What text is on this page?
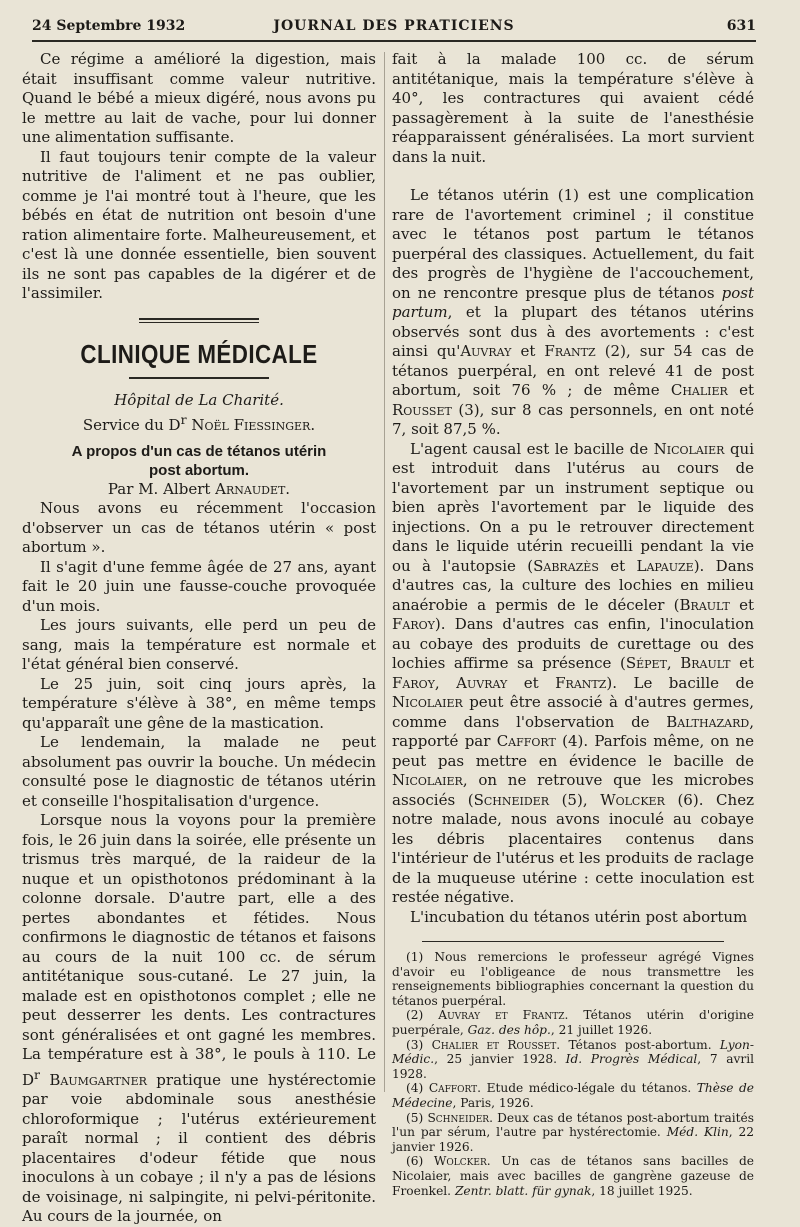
24 Septembre 1932	JOURNAL DES PRATICIENS	631

Ce régime a amélioré la digestion, mais était insuffisant comme valeur nutritive. Quand le bébé a mieux digéré, nous avons pu le mettre au lait de vache, pour lui donner une alimentation suffisante.

Il faut toujours tenir compte de la valeur nutritive de l'aliment et ne pas oublier, comme je l'ai montré tout à l'heure, que les bébés en état de nutrition ont besoin d'une ration alimentaire forte. Malheureusement, et c'est là une donnée essentielle, bien souvent ils ne sont pas capables de la digérer et de l'assimiler.

CLINIQUE MÉDICALE

Hôpital de La Charité.

Service du $D^r$ Noël Fiessinger.

A propos d'un cas de tétanos utérin

post abortum.

Par M. Albert Arnaudet.

Nous avons eu récemment l'occasion d'observer un cas de tétanos utérin « post abortum ».

Il s'agit d'une femme âgée de 27 ans, ayant fait le 20 juin une fausse-couche provoquée d'un mois.

Les jours suivants, elle perd un peu de sang, mais la température est normale et l'état général bien conservé.

Le 25 juin, soit cinq jours après, la température s'élève à 38°, en même temps qu'apparaît une gêne de la mastication.

Le lendemain, la malade ne peut absolument pas ouvrir la bouche. Un médecin consulté pose le diagnostic de tétanos utérin et conseille l'hospitalisation d'urgence.

Lorsque nous la voyons pour la première fois, le 26 juin dans la soirée, elle présente un trismus très marqué, de la raideur de la nuque et un opisthotonos prédominant à la colonne dorsale. D'autre part, elle a des pertes abondantes et fétides. Nous confirmons le diagnostic de tétanos et faisons au cours de la nuit 100 cc. de sérum antitétanique sous-cutané. Le 27 juin, la malade est en opisthotonos complet ; elle ne peut desserrer les dents. Les contractures sont généralisées et ont gagné les membres. La température est à 38°, le pouls à 110. Le $D^r$ Baumgartner pratique une hystérectomie par voie abdominale sous anesthésie chloroformique ; l'utérus extérieurement paraît normal ; il contient des débris placentaires d'odeur fétide que nous inoculons à un cobaye ; il n'y a pas de lésions de voisinage, ni salpingite, ni pelvi-péritonite. Au cours de la journée, on

fait à la malade 100 cc. de sérum antitétanique, mais la température s'élève à 40°, les contractures qui avaient cédé passagèrement à la suite de l'anesthésie réapparaissent généralisées. La mort survient dans la nuit.

Le tétanos utérin (1) est une complication rare de l'avortement criminel ; il constitue avec le tétanos post partum le tétanos puerpéral des classiques. Actuellement, du fait des progrès de l'hygiène de l'accouchement, on ne rencontre presque plus de tétanos post partum, et la plupart des tétanos utérins observés sont dus à des avortements : c'est ainsi qu'Auvray et Frantz (2), sur 54 cas de tétanos puerpéral, en ont relevé 41 de post abortum, soit 76 % ; de même Chalier et Rousset (3), sur 8 cas personnels, en ont noté 7, soit 87,5 %.

L'agent causal est le bacille de Nicolaier qui est introduit dans l'utérus au cours de l'avortement par un instrument septique ou bien après l'avortement par le liquide des injections. On a pu le retrouver directement dans le liquide utérin recueilli pendant la vie ou à l'autopsie (Sabrazès et Lapauze). Dans d'autres cas, la culture des lochies en milieu anaérobie a permis de le déceler (Brault et Faroy). Dans d'autres cas enfin, l'inoculation au cobaye des produits de curettage ou des lochies affirme sa présence (Sépet, Brault et Faroy, Auvray et Frantz). Le bacille de Nicolaier peut être associé à d'autres germes, comme dans l'observation de Balthazard, rapporté par Caffort (4). Parfois même, on ne peut pas mettre en évidence le bacille de Nicolaier, on ne retrouve que les microbes associés (Schneider (5), Wolcker (6). Chez notre malade, nous avons inoculé au cobaye les débris placentaires contenus dans l'intérieur de l'utérus et les produits de raclage de la muqueuse utérine : cette inoculation est restée négative.

L'incubation du tétanos utérin post abortum

(1) Nous remercions le professeur agrégé Vignes d'avoir eu l'obligeance de nous transmettre les renseignements bibliographies concernant la question du tétanos puerpéral.

(2) Auvray et Frantz. Tétanos utérin d'origine puerpérale, Gaz. des hôp., 21 juillet 1926.

(3) Chalier et Rousset. Tétanos post-abortum. Lyon-Médic., 25 janvier 1928. Id. Progrès Médical, 7 avril 1928.

(4) Caffort. Etude médico-légale du tétanos. Thèse de Médecine, Paris, 1926.

(5) Schneider. Deux cas de tétanos post-abortum traités l'un par sérum, l'autre par hystérectomie. Méd. Klin, 22 janvier 1926.

(6) Wolcker. Un cas de tétanos sans bacilles de Nicolaier, mais avec bacilles de gangrène gazeuse de Froenkel. Zentr. blatt. für gynak, 18 juillet 1925.
